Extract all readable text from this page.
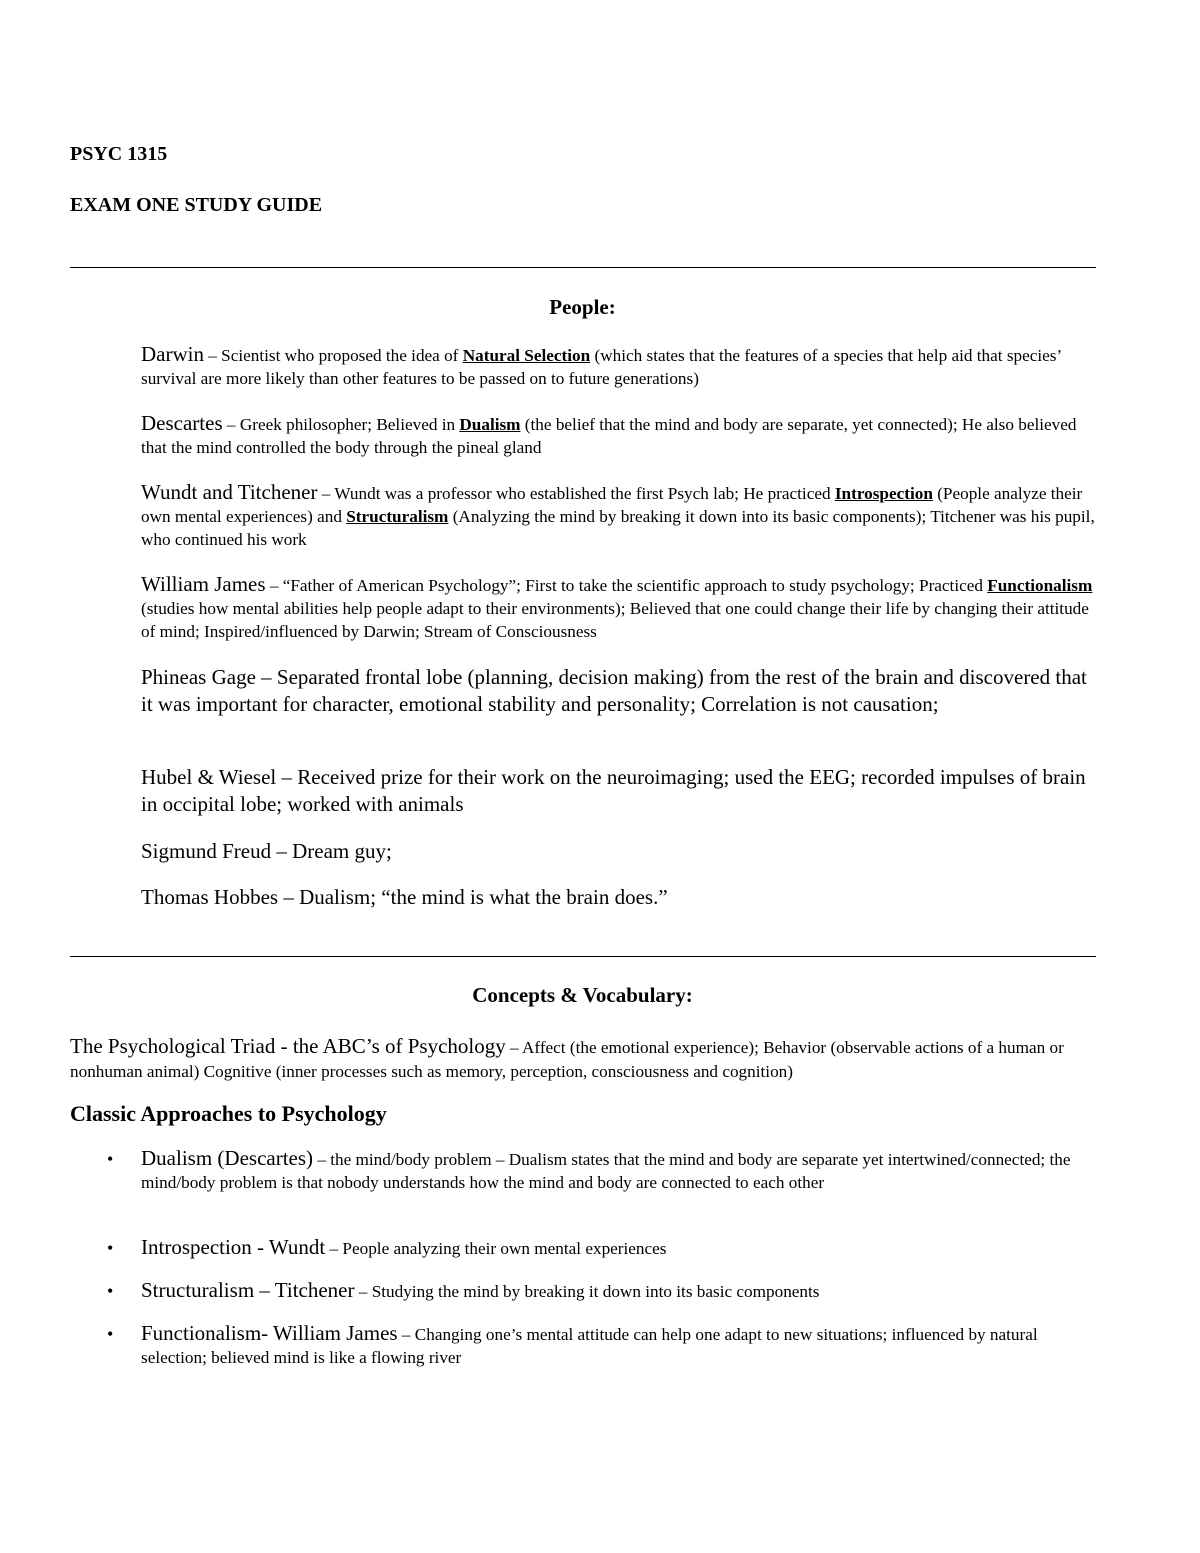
PSYC 1315
EXAM ONE STUDY GUIDE
People:
Darwin – Scientist who proposed the idea of Natural Selection (which states that the features of a species that help aid that species’ survival are more likely than other features to be passed on to future generations)
Descartes – Greek philosopher; Believed in Dualism (the belief that the mind and body are separate, yet connected); He also believed that the mind controlled the body through the pineal gland
Wundt and Titchener – Wundt was a professor who established the first Psych lab; He practiced Introspection (People analyze their own mental experiences) and Structuralism (Analyzing the mind by breaking it down into its basic components); Titchener was his pupil, who continued his work
William James – “Father of American Psychology”; First to take the scientific approach to study psychology; Practiced Functionalism (studies how mental abilities help people adapt to their environments); Believed that one could change their life by changing their attitude of mind; Inspired/influenced by Darwin; Stream of Consciousness
Phineas Gage – Separated frontal lobe (planning, decision making) from the rest of the brain and discovered that it was important for character, emotional stability and personality; Correlation is not causation;
Hubel & Wiesel – Received prize for their work on the neuroimaging; used the EEG; recorded impulses of brain in occipital lobe; worked with animals
Sigmund Freud – Dream guy;
Thomas Hobbes – Dualism; “the mind is what the brain does.”
Concepts & Vocabulary:
The Psychological Triad - the ABC’s of Psychology – Affect (the emotional experience); Behavior (observable actions of a human or nonhuman animal) Cognitive (inner processes such as memory, perception, consciousness and cognition)
Classic Approaches to Psychology
• Dualism (Descartes) – the mind/body problem – Dualism states that the mind and body are separate yet intertwined/connected; the mind/body problem is that nobody understands how the mind and body are connected to each other
• Introspection - Wundt – People analyzing their own mental experiences
• Structuralism – Titchener – Studying the mind by breaking it down into its basic components
• Functionalism- William James – Changing one’s mental attitude can help one adapt to new situations; influenced by natural selection; believed mind is like a flowing river
